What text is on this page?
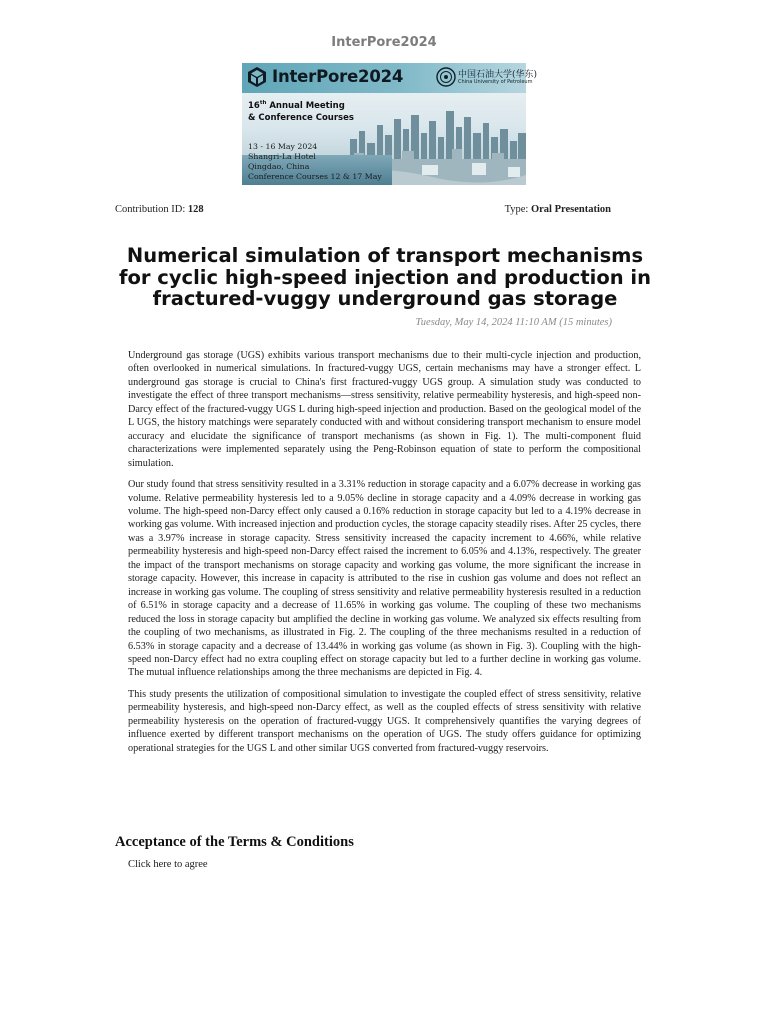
InterPore2024
InterPore2024	中国石油大学(华东)
China University of Petroleum
16th Annual Meeting
& Conference Courses
13 - 16 May 2024
Shangri-La Hotel
Qingdao, China
Conference Courses 12 & 17 May
Contribution ID: 128	Type: Oral Presentation
Numerical simulation of transport mechanisms for cyclic high-speed injection and production in fractured-vuggy underground gas storage
Tuesday, May 14, 2024 11:10 AM (15 minutes)

Underground gas storage (UGS) exhibits various transport mechanisms due to their multi-cycle injection and production, often overlooked in numerical simulations. In fractured-vuggy UGS, certain mechanisms may have a stronger effect. L underground gas storage is crucial to China's first fractured-vuggy UGS group. A simulation study was conducted to investigate the effect of three transport mechanisms—stress sensitivity, relative permeability hysteresis, and high-speed non-Darcy effect of the fractured-vuggy UGS L during high-speed injection and production. Based on the geological model of the L UGS, the history matchings were separately conducted with and without considering transport mechanism to ensure model accuracy and elucidate the significance of transport mechanisms (as shown in Fig. 1). The multi-component fluid characterizations were implemented separately using the Peng-Robinson equation of state to perform the compositional simulation.

Our study found that stress sensitivity resulted in a 3.31% reduction in storage capacity and a 6.07% decrease in working gas volume. Relative permeability hysteresis led to a 9.05% decline in storage capacity and a 4.09% decrease in working gas volume. The high-speed non-Darcy effect only caused a 0.16% reduction in storage capacity but led to a 4.19% decrease in working gas volume. With increased injection and production cycles, the storage capacity steadily rises. After 25 cycles, there was a 3.97% increase in storage capacity. Stress sensitivity increased the capacity increment to 4.66%, while relative permeability hysteresis and high-speed non-Darcy effect raised the increment to 6.05% and 4.13%, respectively. The greater the impact of the transport mechanisms on storage capacity and working gas volume, the more significant the increase in storage capacity. However, this increase in capacity is attributed to the rise in cushion gas volume and does not reflect an increase in working gas volume. The coupling of stress sensitivity and relative permeability hysteresis resulted in a reduction of 6.51% in storage capacity and a decrease of 11.65% in working gas volume. The coupling of these two mechanisms reduced the loss in storage capacity but amplified the decline in working gas volume. We analyzed six effects resulting from the coupling of two mechanisms, as illustrated in Fig. 2. The coupling of the three mechanisms resulted in a reduction of 6.53% in storage capacity and a decrease of 13.44% in working gas volume (as shown in Fig. 3). Coupling with the high-speed non-Darcy effect had no extra coupling effect on storage capacity but led to a further decline in working gas volume. The mutual influence relationships among the three mechanisms are depicted in Fig. 4.

This study presents the utilization of compositional simulation to investigate the coupled effect of stress sensitivity, relative permeability hysteresis, and high-speed non-Darcy effect, as well as the coupled effects of stress sensitivity with relative permeability hysteresis on the operation of fractured-vuggy UGS. It comprehensively quantifies the varying degrees of influence exerted by different transport mechanisms on the operation of UGS. The study offers guidance for optimizing operational strategies for the UGS L and other similar UGS converted from fractured-vuggy reservoirs.

Acceptance of the Terms & Conditions
Click here to agree
